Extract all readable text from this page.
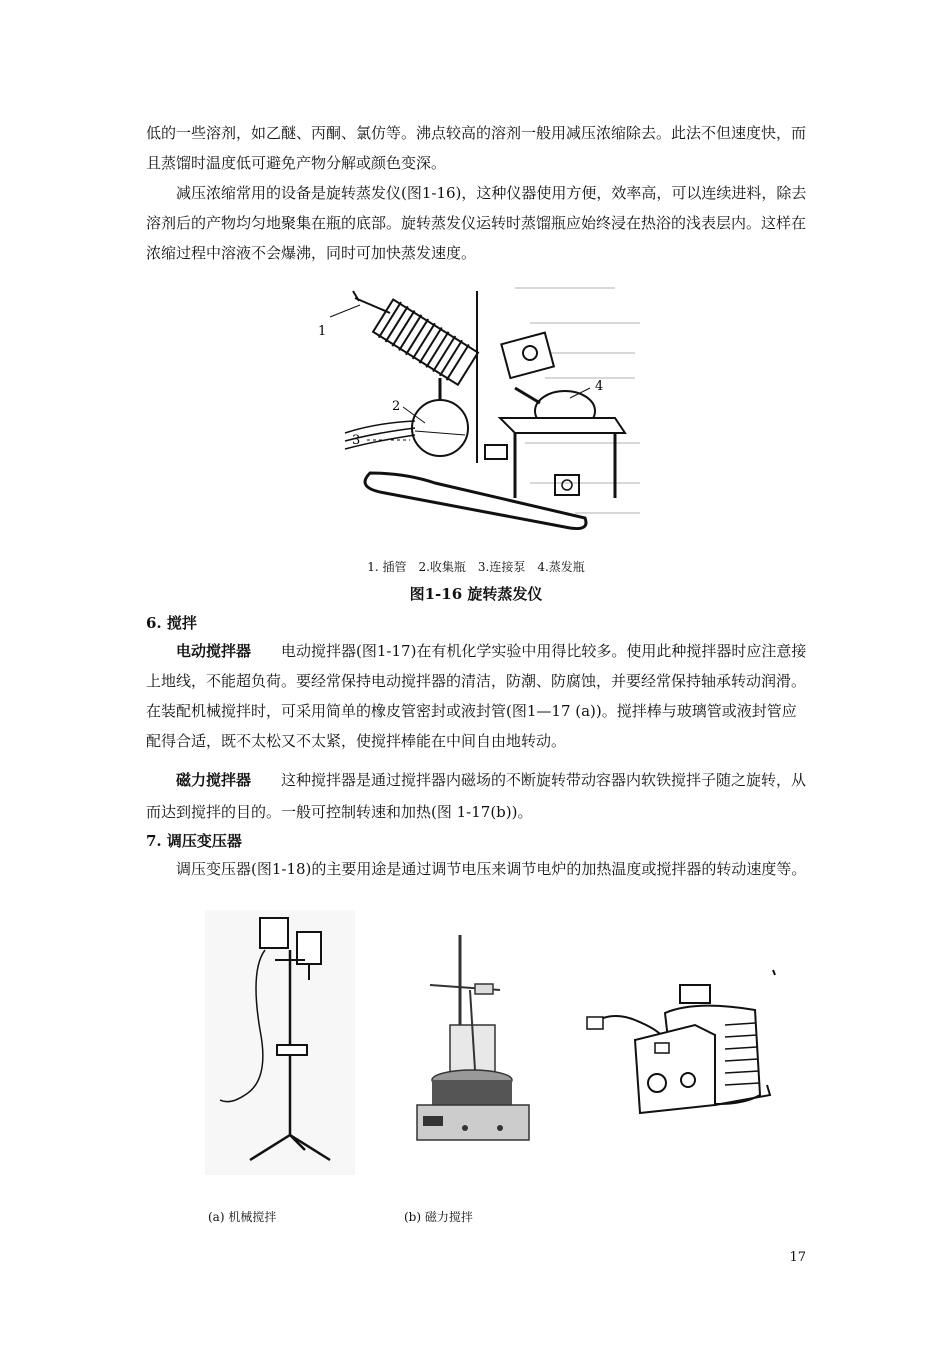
低的一些溶剂，如乙醚、丙酮、氯仿等。沸点较高的溶剂一般用减压浓缩除去。此法不但速度快，而且蒸馏时温度低可避免产物分解或颜色变深。

减压浓缩常用的设备是旋转蒸发仪(图1-16)，这种仪器使用方便，效率高，可以连续进料，除去溶剂后的产物均匀地聚集在瓶的底部。旋转蒸发仪运转时蒸馏瓶应始终浸在热浴的浅表层内。这样在浓缩过程中溶液不会爆沸，同时可加快蒸发速度。

1
2
3
4
1. 插管　2.收集瓶　3.连接泵　4.蒸发瓶
图1-16 旋转蒸发仪

6. 搅拌

电动搅拌器　　 电动搅拌器(图1-17)在有机化学实验中用得比较多。使用此种搅拌器时应注意接上地线，不能超负荷。要经常保持电动搅拌器的清洁，防潮、防腐蚀，并要经常保持轴承转动润滑。在装配机械搅拌时，可采用简单的橡皮管密封或液封管(图1—17 (a))。搅拌棒与玻璃管或液封管应配得合适，既不太松又不太紧，使搅拌棒能在中间自由地转动。

磁力搅拌器　　 这种搅拌器是通过搅拌器内磁场的不断旋转带动容器内软铁搅拌子随之旋转，从而达到搅拌的目的。一般可控制转速和加热(图 1-17(b))。

7. 调压变压器

调压变压器(图1-18)的主要用途是通过调节电压来调节电炉的加热温度或搅拌器的转动速度等。

(a) 机械搅拌	(b) 磁力搅拌
17
